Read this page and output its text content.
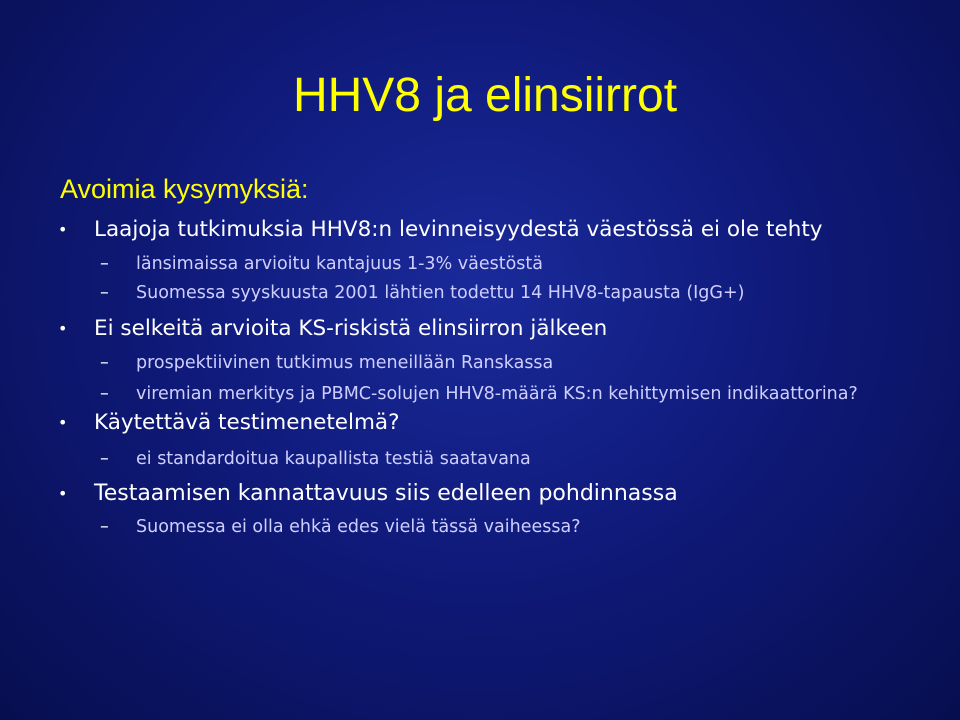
HHV8 ja elinsiirrot
Avoimia kysymyksiä:
•	Laajoja tutkimuksia HHV8:n levinneisyydestä väestössä ei ole tehty
– länsimaissa arvioitu kantajuus 1-3% väestöstä
– Suomessa syyskuusta 2001 lähtien todettu 14 HHV8-tapausta (IgG+)
•	Ei selkeitä arvioita KS-riskistä elinsiirron jälkeen
– prospektiivinen tutkimus meneillään Ranskassa
– viremian merkitys ja PBMC-solujen HHV8-määrä KS:n kehittymisen indikaattorina?
•	Käytettävä testimenetelmä?
– ei standardoitua kaupallista testiä saatavana
•	Testaamisen kannattavuus siis edelleen pohdinnassa
– Suomessa ei olla ehkä edes vielä tässä vaiheessa?
